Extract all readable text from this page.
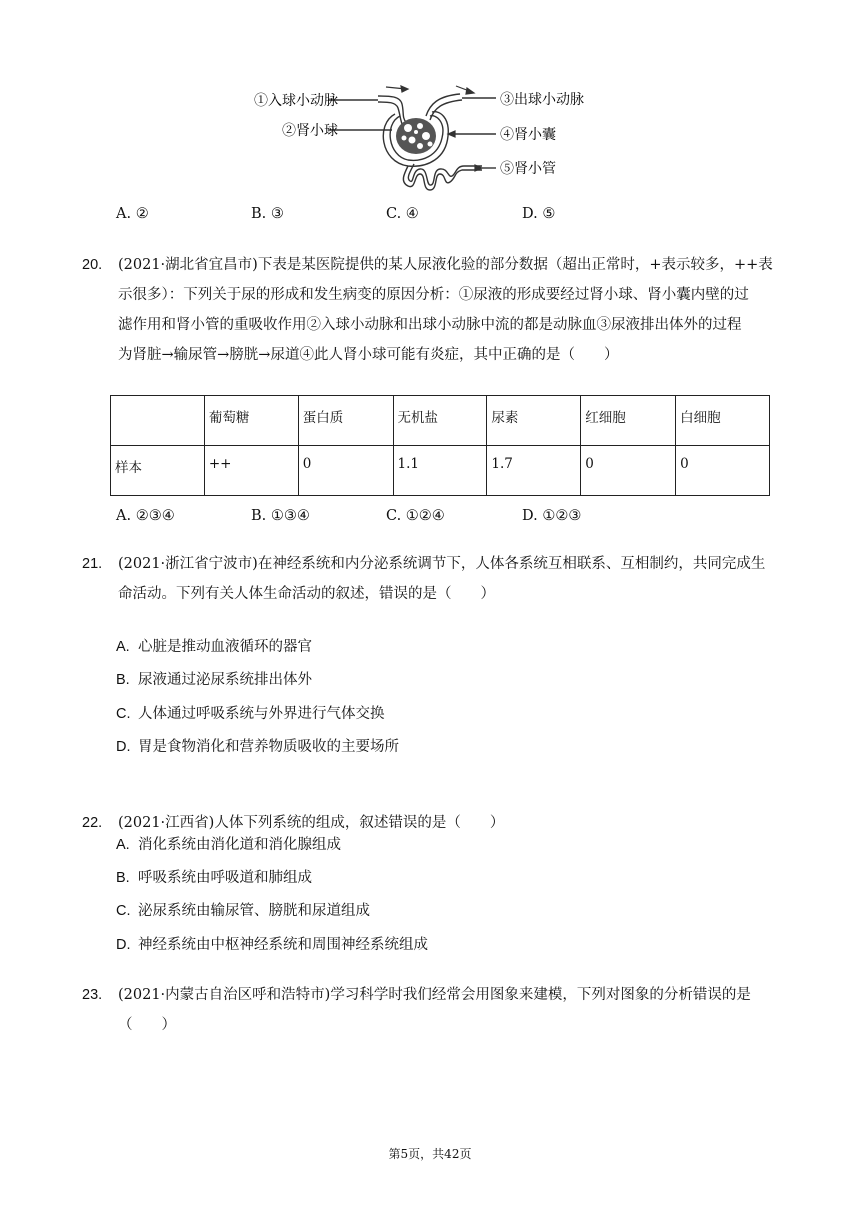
①入球小动脉
②肾小球
③出球小动脉
④肾小囊
⑤肾小管
A. ②	B. ③	C. ④	D. ⑤
20. (2021·湖北省宜昌市)下表是某医院提供的某人尿液化验的部分数据（超出正常时，+表示较多，++表
示很多）：下列关于尿的形成和发生病变的原因分析：①尿液的形成要经过肾小球、肾小囊内壁的过
滤作用和肾小管的重吸收作用②入球小动脉和出球小动脉中流的都是动脉血③尿液排出体外的过程
为肾脏→输尿管→膀胱→尿道④此人肾小球可能有炎症，其中正确的是（　　）
	葡萄糖	蛋白质	无机盐	尿素	红细胞	白细胞
样本	++	0	1.1	1.7	0	0
A. ②③④	B. ①③④	C. ①②④	D. ①②③
21. (2021·浙江省宁波市)在神经系统和内分泌系统调节下，人体各系统互相联系、互相制约，共同完成生
命活动。下列有关人体生命活动的叙述，错误的是（　　）
A. 心脏是推动血液循环的器官
B. 尿液通过泌尿系统排出体外
C. 人体通过呼吸系统与外界进行气体交换
D. 胃是食物消化和营养物质吸收的主要场所
22. (2021·江西省)人体下列系统的组成，叙述错误的是（　　）
A. 消化系统由消化道和消化腺组成
B. 呼吸系统由呼吸道和肺组成
C. 泌尿系统由输尿管、膀胱和尿道组成
D. 神经系统由中枢神经系统和周围神经系统组成
23. (2021·内蒙古自治区呼和浩特市)学习科学时我们经常会用图象来建模，下列对图象的分析错误的是
（　　）
第5页，共42页
